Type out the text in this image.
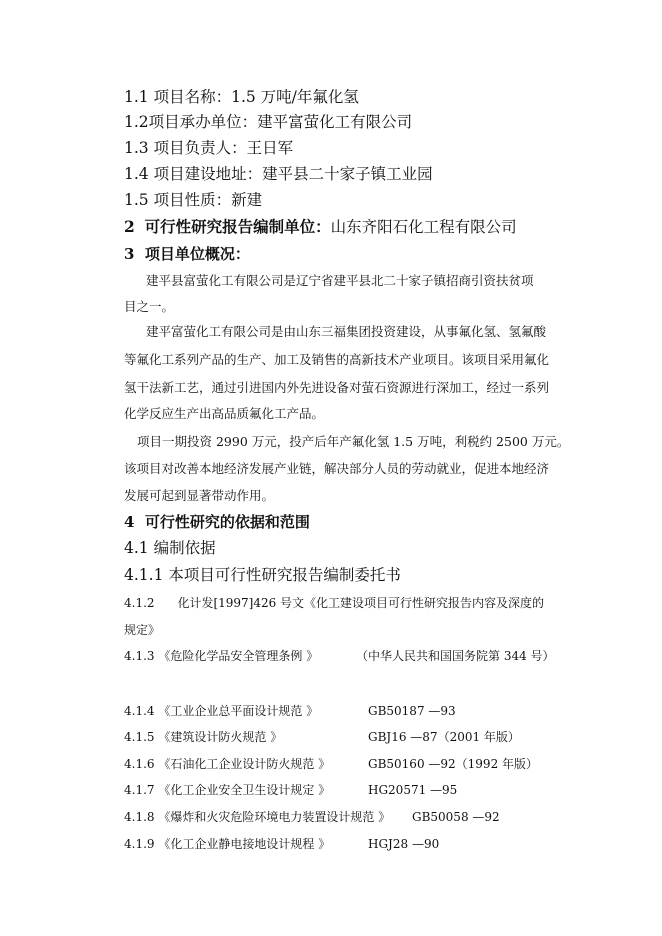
1.1 项目名称：1.5 万吨/年氟化氢
1.2项目承办单位：建平富萤化工有限公司
1.3 项目负责人：王日军
1.4 项目建设地址：建平县二十家子镇工业园
1.5 项目性质：新建
2 可行性研究报告编制单位：山东齐阳石化工程有限公司
3 项目单位概况：
建平县富萤化工有限公司是辽宁省建平县北二十家子镇招商引资扶贫项
目之一。
建平富萤化工有限公司是由山东三福集团投资建设，从事氟化氢、氢氟酸
等氟化工系列产品的生产、加工及销售的高新技术产业项目。该项目采用氟化
氢干法新工艺，通过引进国内外先进设备对萤石资源进行深加工，经过一系列
化学反应生产出高品质氟化工产品。
项目一期投资 2990 万元，投产后年产氟化氢 1.5 万吨，利税约 2500 万元。
该项目对改善本地经济发展产业链，解决部分人员的劳动就业，促进本地经济
发展可起到显著带动作用。
4 可行性研究的依据和范围
4.1 编制依据
4.1.1 本项目可行性研究报告编制委托书
4.1.2 化计发[1997]426 号文《化工建设项目可行性研究报告内容及深度的
规定》
4.1.3 《危险化学品安全管理条例 》	（中华人民共和国国务院第 344 号）
4.1.4 《工业企业总平面设计规范 》	GB50187 —93
4.1.5 《建筑设计防火规范 》	GBJ16 —87（2001 年版）
4.1.6 《石油化工企业设计防火规范 》	GB50160 —92（1992 年版）
4.1.7 《化工企业安全卫生设计规定 》	HG20571 —95
4.1.8 《爆炸和火灾危险环境电力装置设计规范 》 GB50058 —92
4.1.9 《化工企业静电接地设计规程 》	HGJ28 —90
